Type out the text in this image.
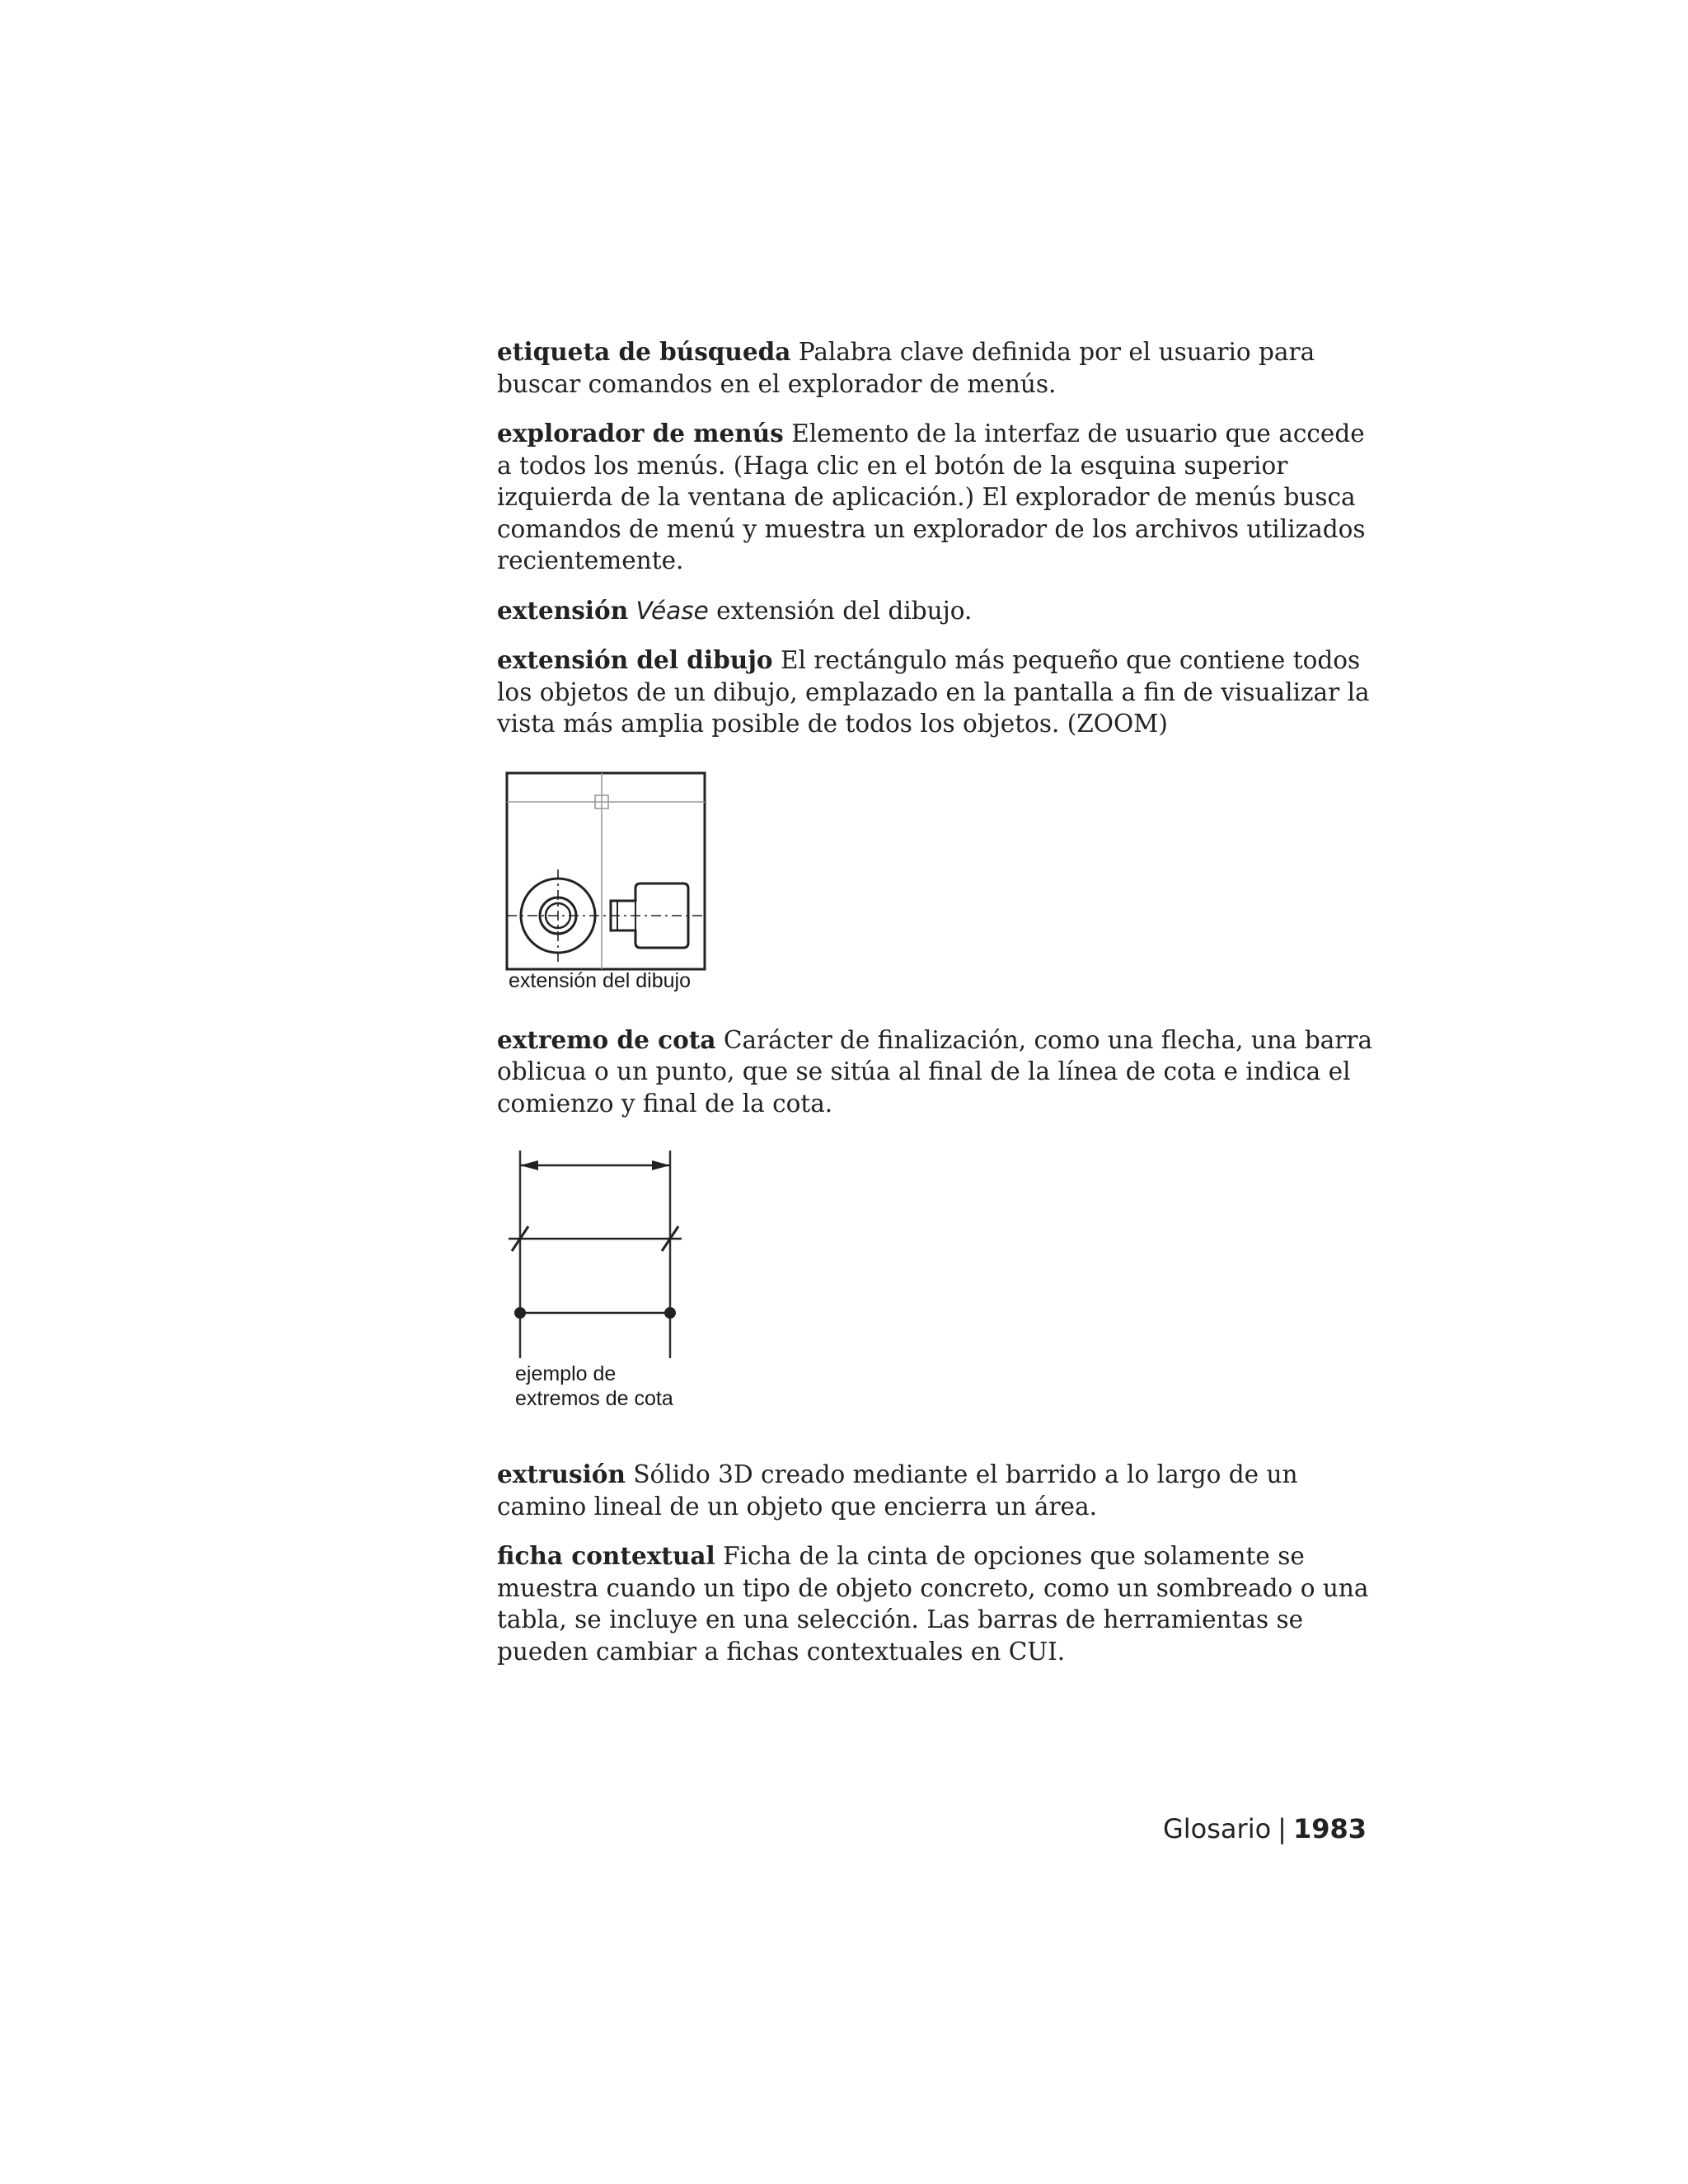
etiqueta de búsqueda Palabra clave definida por el usuario para buscar comandos en el explorador de menús.

explorador de menús Elemento de la interfaz de usuario que accede a todos los menús. (Haga clic en el botón de la esquina superior izquierda de la ventana de aplicación.) El explorador de menús busca comandos de menú y muestra un explorador de los archivos utilizados recientemente.

extensión Véase extensión del dibujo.

extensión del dibujo El rectángulo más pequeño que contiene todos los objetos de un dibujo, emplazado en la pantalla a fin de visualizar la vista más amplia posible de todos los objetos. (ZOOM)

extensión del dibujo

extremo de cota Carácter de finalización, como una flecha, una barra oblicua o un punto, que se sitúa al final de la línea de cota e indica el comienzo y final de la cota.

ejemplo de
extremos de cota

extrusión Sólido 3D creado mediante el barrido a lo largo de un camino lineal de un objeto que encierra un área.

ficha contextual Ficha de la cinta de opciones que solamente se muestra cuando un tipo de objeto concreto, como un sombreado o una tabla, se incluye en una selección. Las barras de herramientas se pueden cambiar a fichas contextuales en CUI.

Glosario | 1983
